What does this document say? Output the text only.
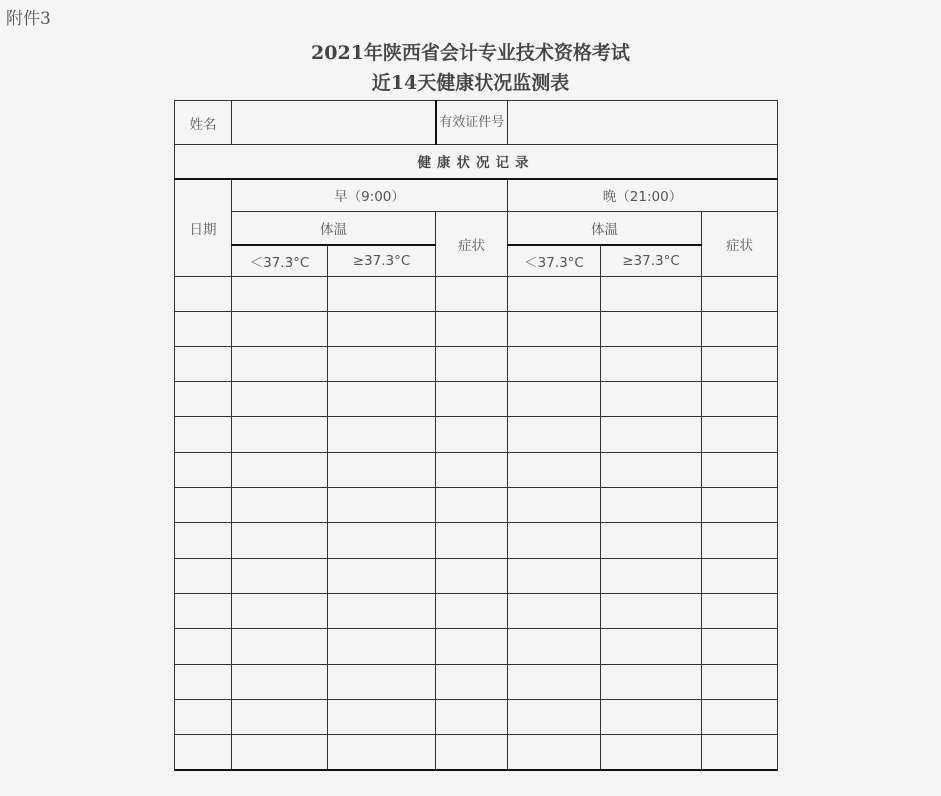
附件3
2021年陕西省会计专业技术资格考试
近14天健康状况监测表
姓名			有效证件号			
健康状况记录						
日期	早（9:00）			晚（21:00）		
	体温		症状	体温		症状
	＜37.3°C	≥37.3°C		＜37.3°C	≥37.3°C	
